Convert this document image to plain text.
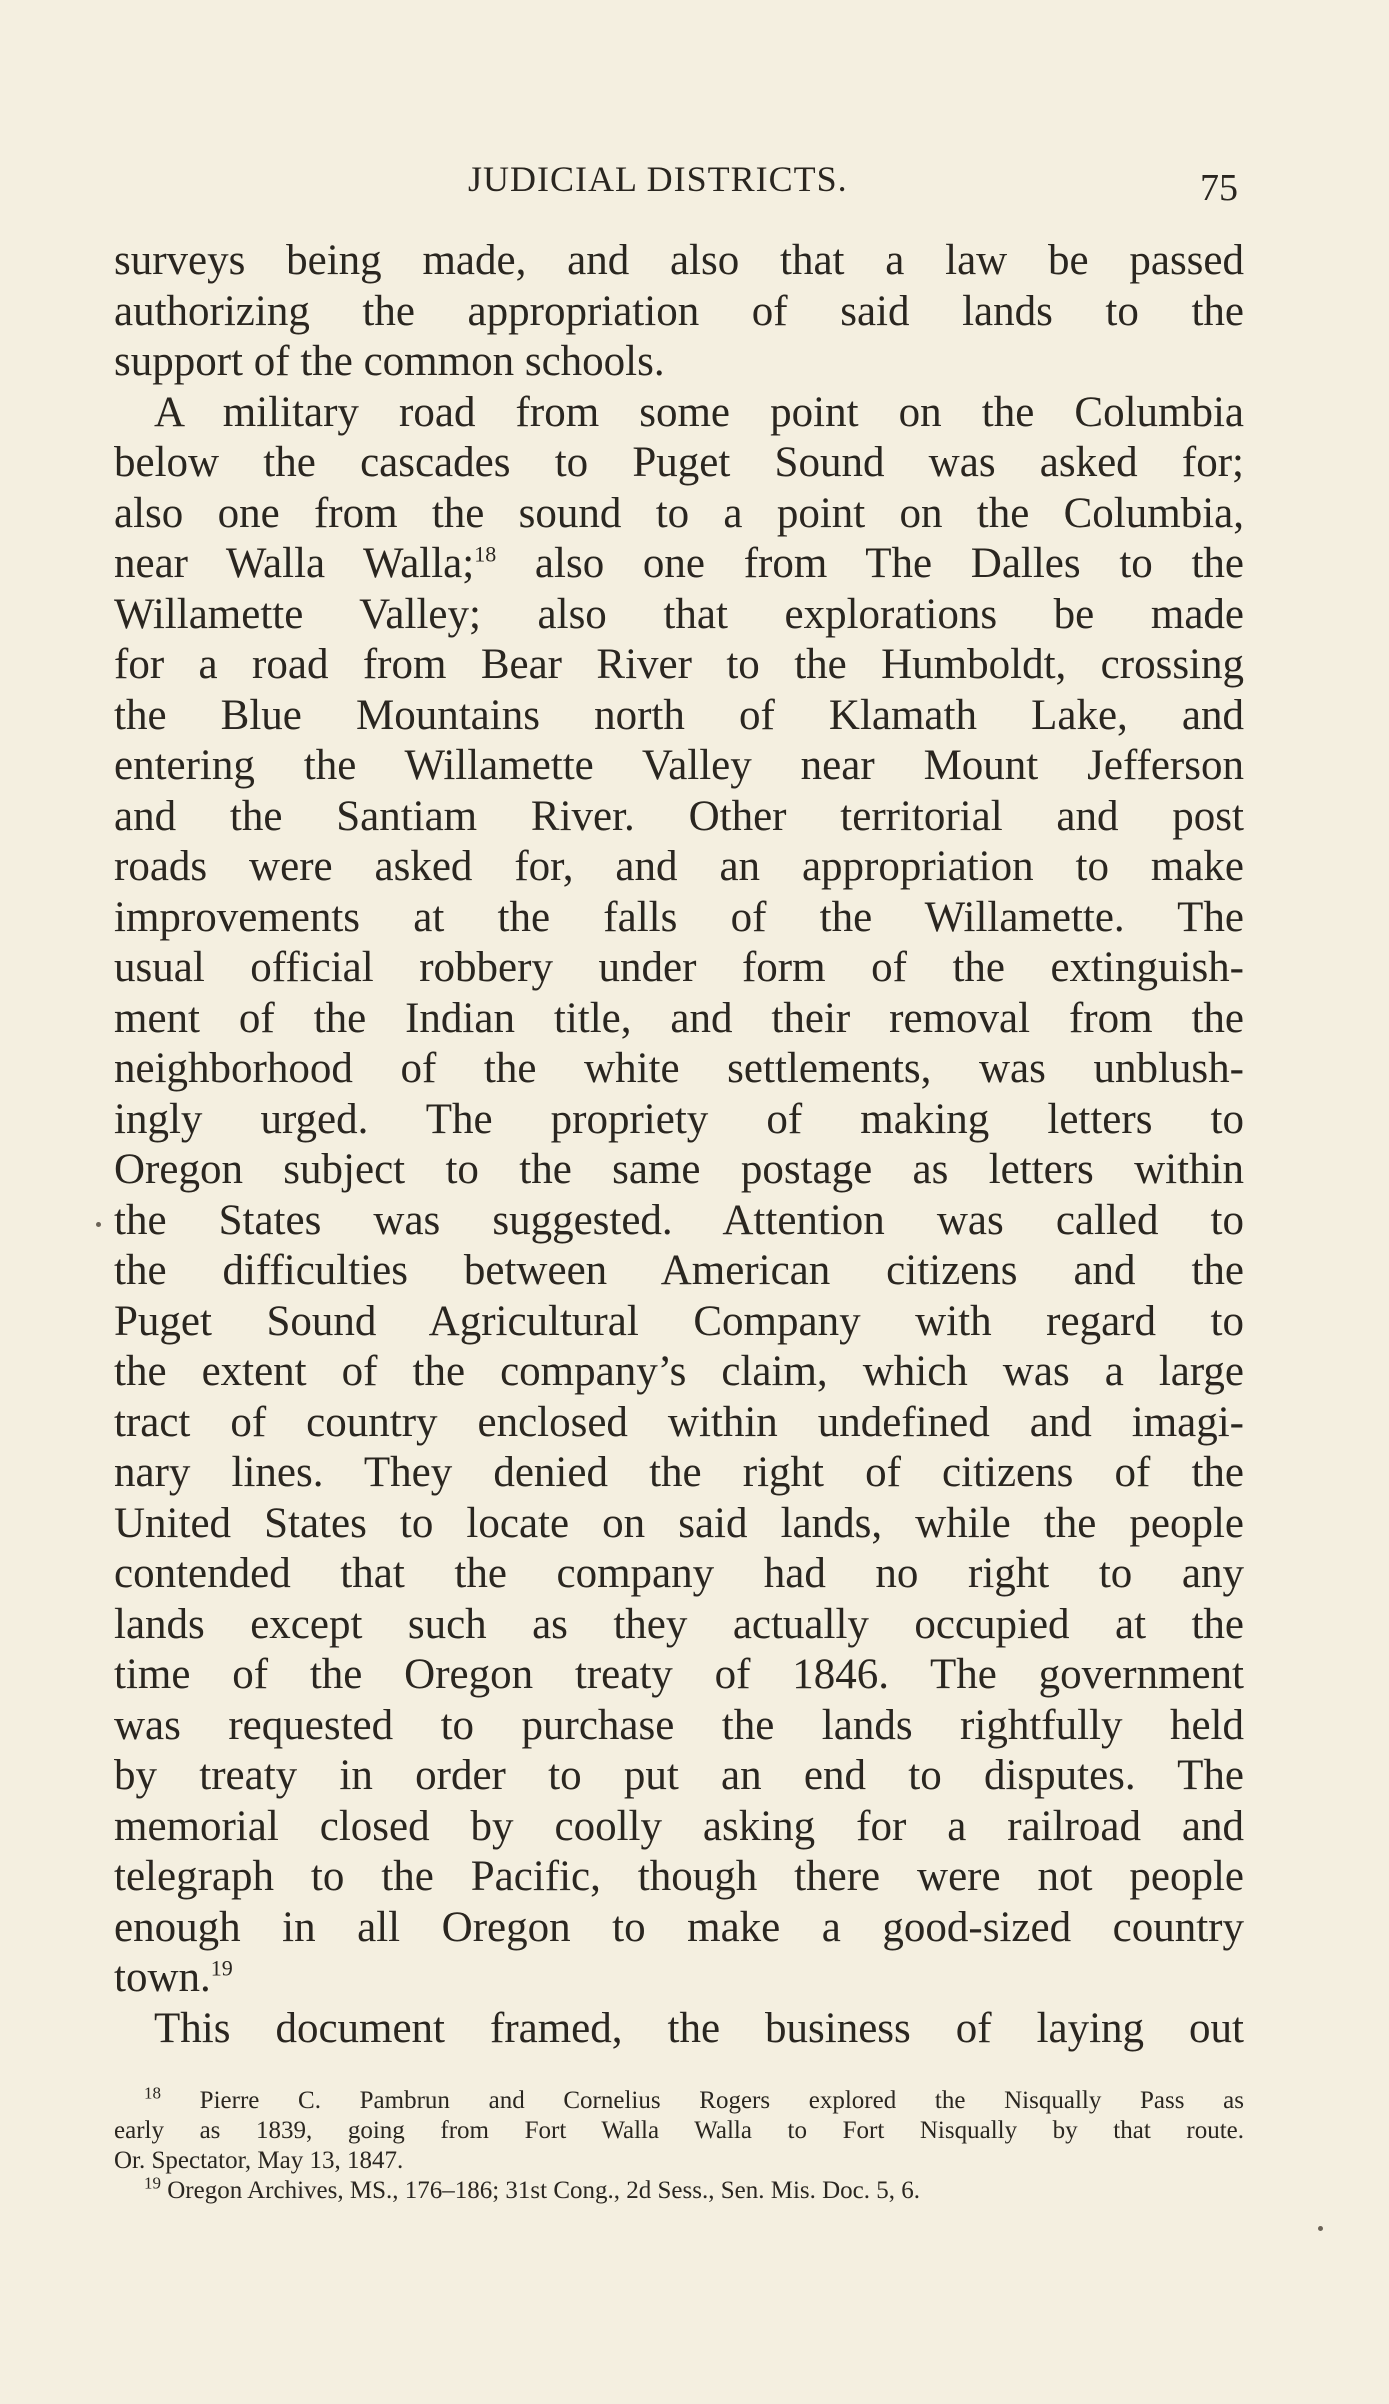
JUDICIAL DISTRICTS.	75
surveys being made, and also that a law be passed
authorizing the appropriation of said lands to the
support of the common schools.
A military road from some point on the Columbia
below the cascades to Puget Sound was asked for;
also one from the sound to a point on the Columbia,
near Walla Walla;$^{18}$ also one from The Dalles to the
Willamette Valley; also that explorations be made
for a road from Bear River to the Humboldt, crossing
the Blue Mountains north of Klamath Lake, and
entering the Willamette Valley near Mount Jefferson
and the Santiam River. Other territorial and post
roads were asked for, and an appropriation to make
improvements at the falls of the Willamette. The
usual official robbery under form of the extinguish-
ment of the Indian title, and their removal from the
neighborhood of the white settlements, was unblush-
ingly urged. The propriety of making letters to
Oregon subject to the same postage as letters within
the States was suggested. Attention was called to
the difficulties between American citizens and the
Puget Sound Agricultural Company with regard to
the extent of the company’s claim, which was a large
tract of country enclosed within undefined and imagi-
nary lines. They denied the right of citizens of the
United States to locate on said lands, while the people
contended that the company had no right to any
lands except such as they actually occupied at the
time of the Oregon treaty of 1846. The government
was requested to purchase the lands rightfully held
by treaty in order to put an end to disputes. The
memorial closed by coolly asking for a railroad and
telegraph to the Pacific, though there were not people
enough in all Oregon to make a good-sized country
town.$^{19}$
This document framed, the business of laying out
$^{18}$ Pierre C. Pambrun and Cornelius Rogers explored the Nisqually Pass as
early as 1839, going from Fort Walla Walla to Fort Nisqually by that route.
Or. Spectator, May 13, 1847.
$^{19}$ Oregon Archives, MS., 176–186; 31st Cong., 2d Sess., Sen. Mis. Doc. 5, 6.
